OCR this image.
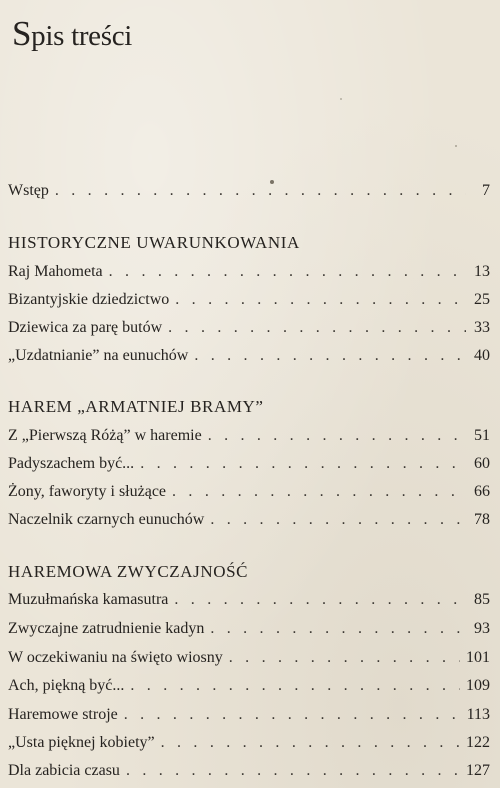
Spis treści
Wstęp . . .	7
HISTORYCZNE UWARUNKOWANIA
Raj Mahometa . . .	13
Bizantyjskie dziedzictwo . . .	25
Dziewica za parę butów . . .	33
„Uzdatnianie” na eunuchów . . .	40
HAREM „ARMATNIEJ BRAMY”
Z „Pierwszą Różą” w haremie . . .	51
Padyszachem być... . . .	60
Żony, faworyty i służące . . .	66
Naczelnik czarnych eunuchów . . .	78
HAREMOWA ZWYCZAJNOŚĆ
Muzułmańska kamasutra . . .	85
Zwyczajne zatrudnienie kadyn . . .	93
W oczekiwaniu na święto wiosny . . .	101
Ach, piękną być... . . .	109
Haremowe stroje . . .	113
„Usta pięknej kobiety” . . .	122
Dla zabicia czasu . . .	127
